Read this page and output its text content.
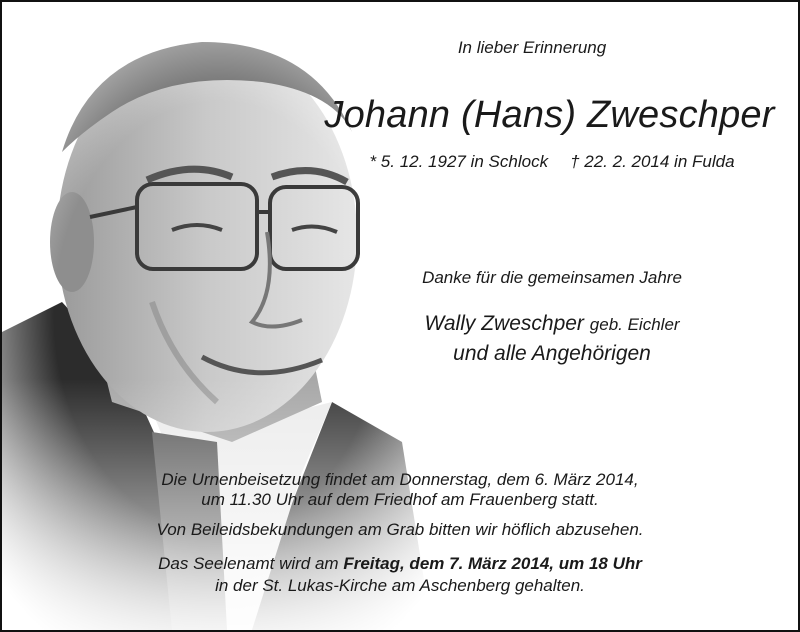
In lieber Erinnerung

Johann (Hans) Zweschper

* 5. 12. 1927 in Schlock † 22. 2. 2014 in Fulda

Danke für die gemeinsamen Jahre

Wally Zweschper geb. Eichler

und alle Angehörigen

Die Urnenbeisetzung findet am Donnerstag, dem 6. März 2014,

um 11.30 Uhr auf dem Friedhof am Frauenberg statt.

Von Beileidsbekundungen am Grab bitten wir höflich abzusehen.

Das Seelenamt wird am Freitag, dem 7. März 2014, um 18 Uhr

in der St. Lukas-Kirche am Aschenberg gehalten.
